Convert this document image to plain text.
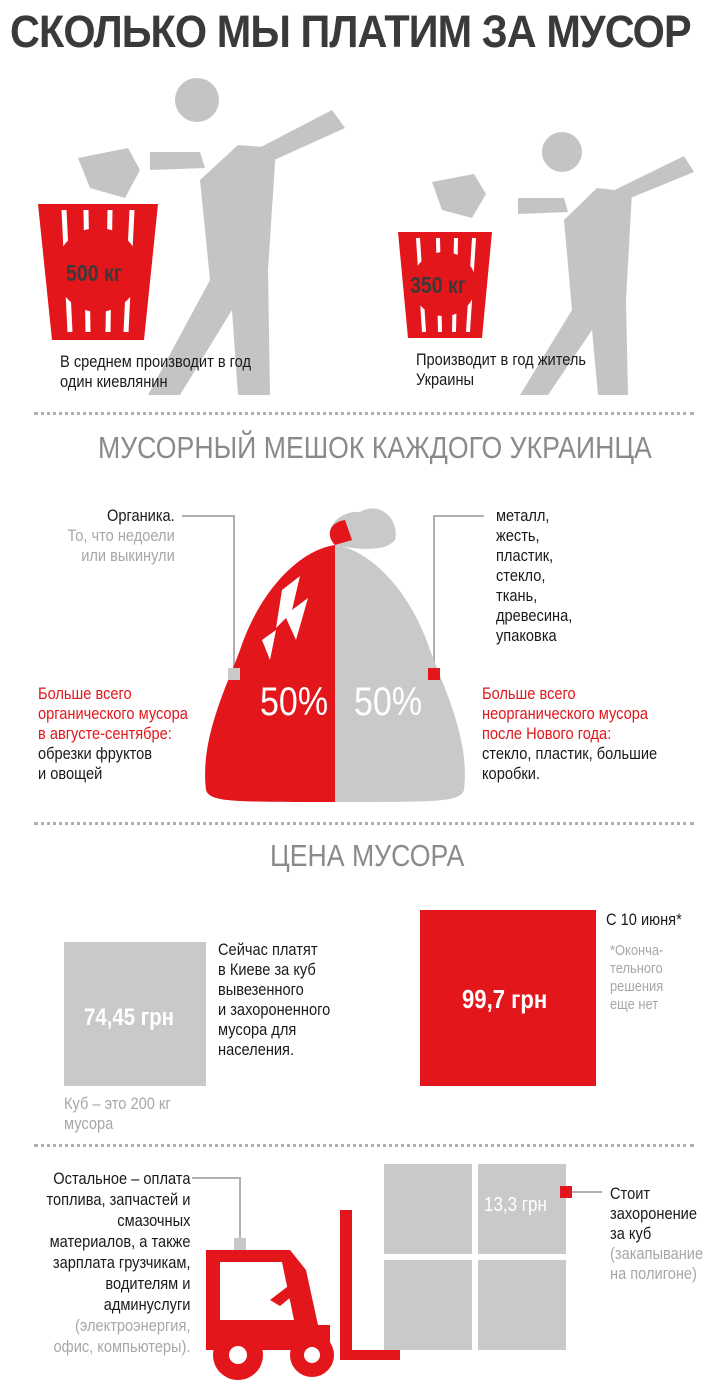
СКОЛЬКО МЫ ПЛАТИМ ЗА МУСОР
500 кг	350 кг
В среднем производит в год
один киевлянин
Производит в год житель
Украины
МУСОРНЫЙ МЕШОК КАЖДОГО УКРАИНЦА
Органика.
То, что недоели
или выкинули
металл,
жесть,
пластик,
стекло,
ткань,
древесина,
упаковка
50% 50%
Больше всего
органического мусора
в августе-сентябре:
обрезки фруктов
и овощей
Больше всего
неорганического мусора
после Нового года:
стекло, пластик, большие
коробки.
ЦЕНА МУСОРА
74,45 грн
Сейчас платят
в Киеве за куб
вывезенного
и захороненного
мусора для
населения.
Куб – это 200 кг
мусора
99,7 грн
С 10 июня*
*Оконча-
тельного
решения
еще нет
13,3 грн
Остальное – оплата
топлива, запчастей и
смазочных
материалов, а также
зарплата грузчикам,
водителям и
админуслуги
(электроэнергия,
офис, компьютеры).
Стоит
захоронение
за куб
(закапывание
на полигоне)
